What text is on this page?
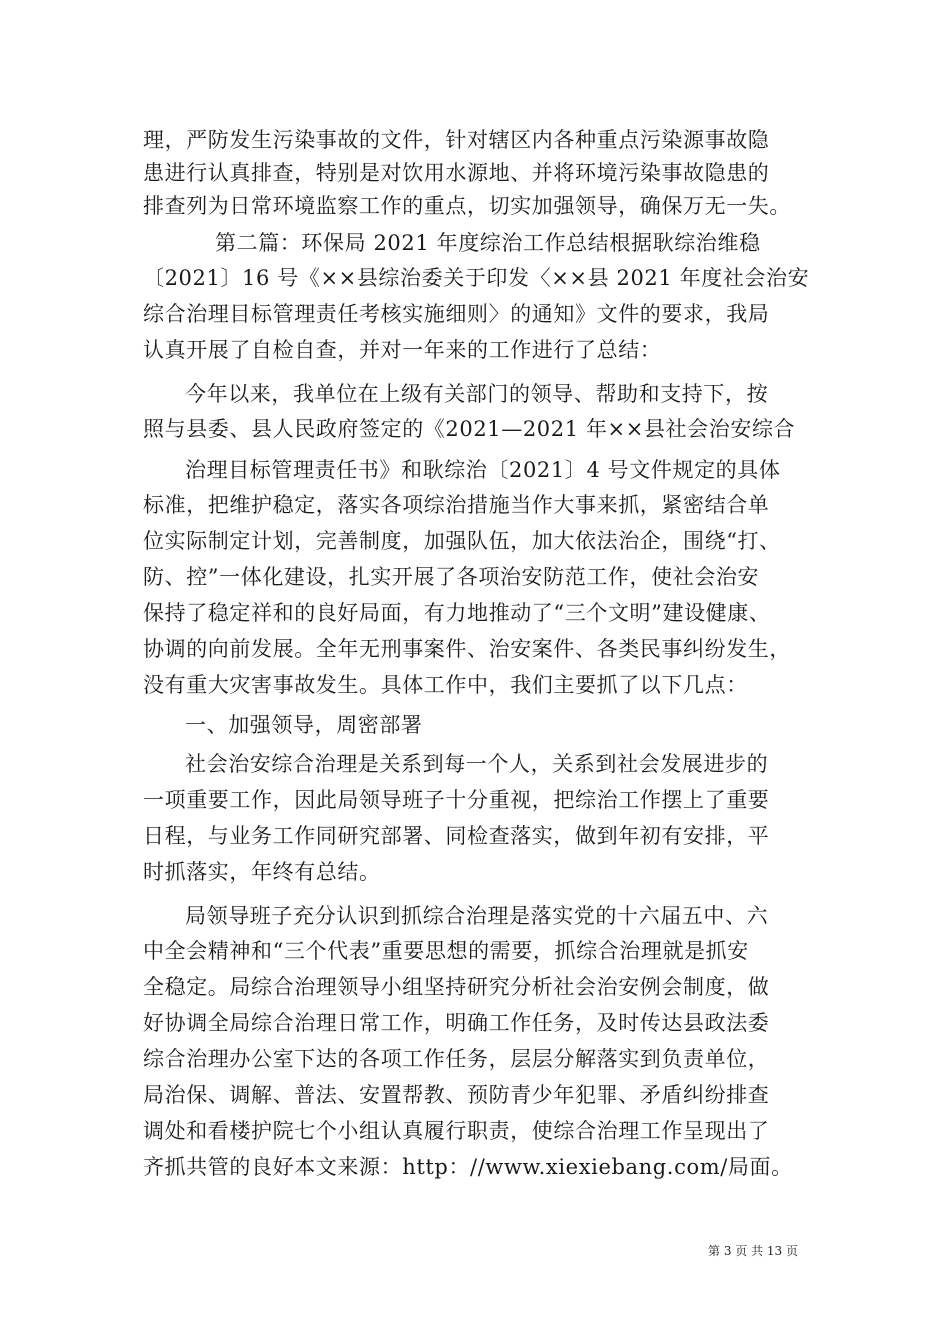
理，严防发生污染事故的文件，针对辖区内各种重点污染源事故隐
患进行认真排查，特别是对饮用水源地、并将环境污染事故隐患的
排查列为日常环境监察工作的重点，切实加强领导，确保万无一失。
第二篇：环保局 2021 年度综治工作总结根据耿综治维稳
〔2021〕16 号《××县综治委关于印发〈××县 2021 年度社会治安
综合治理目标管理责任考核实施细则〉的通知》文件的要求，我局
认真开展了自检自查，并对一年来的工作进行了总结：
今年以来，我单位在上级有关部门的领导、帮助和支持下，按
照与县委、县人民政府签定的《2021—2021 年××县社会治安综合
治理目标管理责任书》和耿综治〔2021〕4 号文件规定的具体
标准，把维护稳定，落实各项综治措施当作大事来抓，紧密结合单
位实际制定计划，完善制度，加强队伍，加大依法治企，围绕“打、
防、控”一体化建设，扎实开展了各项治安防范工作，使社会治安
保持了稳定祥和的良好局面，有力地推动了“三个文明”建设健康、
协调的向前发展。全年无刑事案件、治安案件、各类民事纠纷发生，
没有重大灾害事故发生。具体工作中，我们主要抓了以下几点：
一、加强领导，周密部署
社会治安综合治理是关系到每一个人，关系到社会发展进步的
一项重要工作，因此局领导班子十分重视，把综治工作摆上了重要
日程，与业务工作同研究部署、同检查落实，做到年初有安排，平
时抓落实，年终有总结。
局领导班子充分认识到抓综合治理是落实党的十六届五中、六
中全会精神和“三个代表”重要思想的需要，抓综合治理就是抓安
全稳定。局综合治理领导小组坚持研究分析社会治安例会制度，做
好协调全局综合治理日常工作，明确工作任务，及时传达县政法委
综合治理办公室下达的各项工作任务，层层分解落实到负责单位，
局治保、调解、普法、安置帮教、预防青少年犯罪、矛盾纠纷排查
调处和看楼护院七个小组认真履行职责，使综合治理工作呈现出了
齐抓共管的良好本文来源：http：//www.xiexiebang.com/局面。
第 3 页 共 13 页
